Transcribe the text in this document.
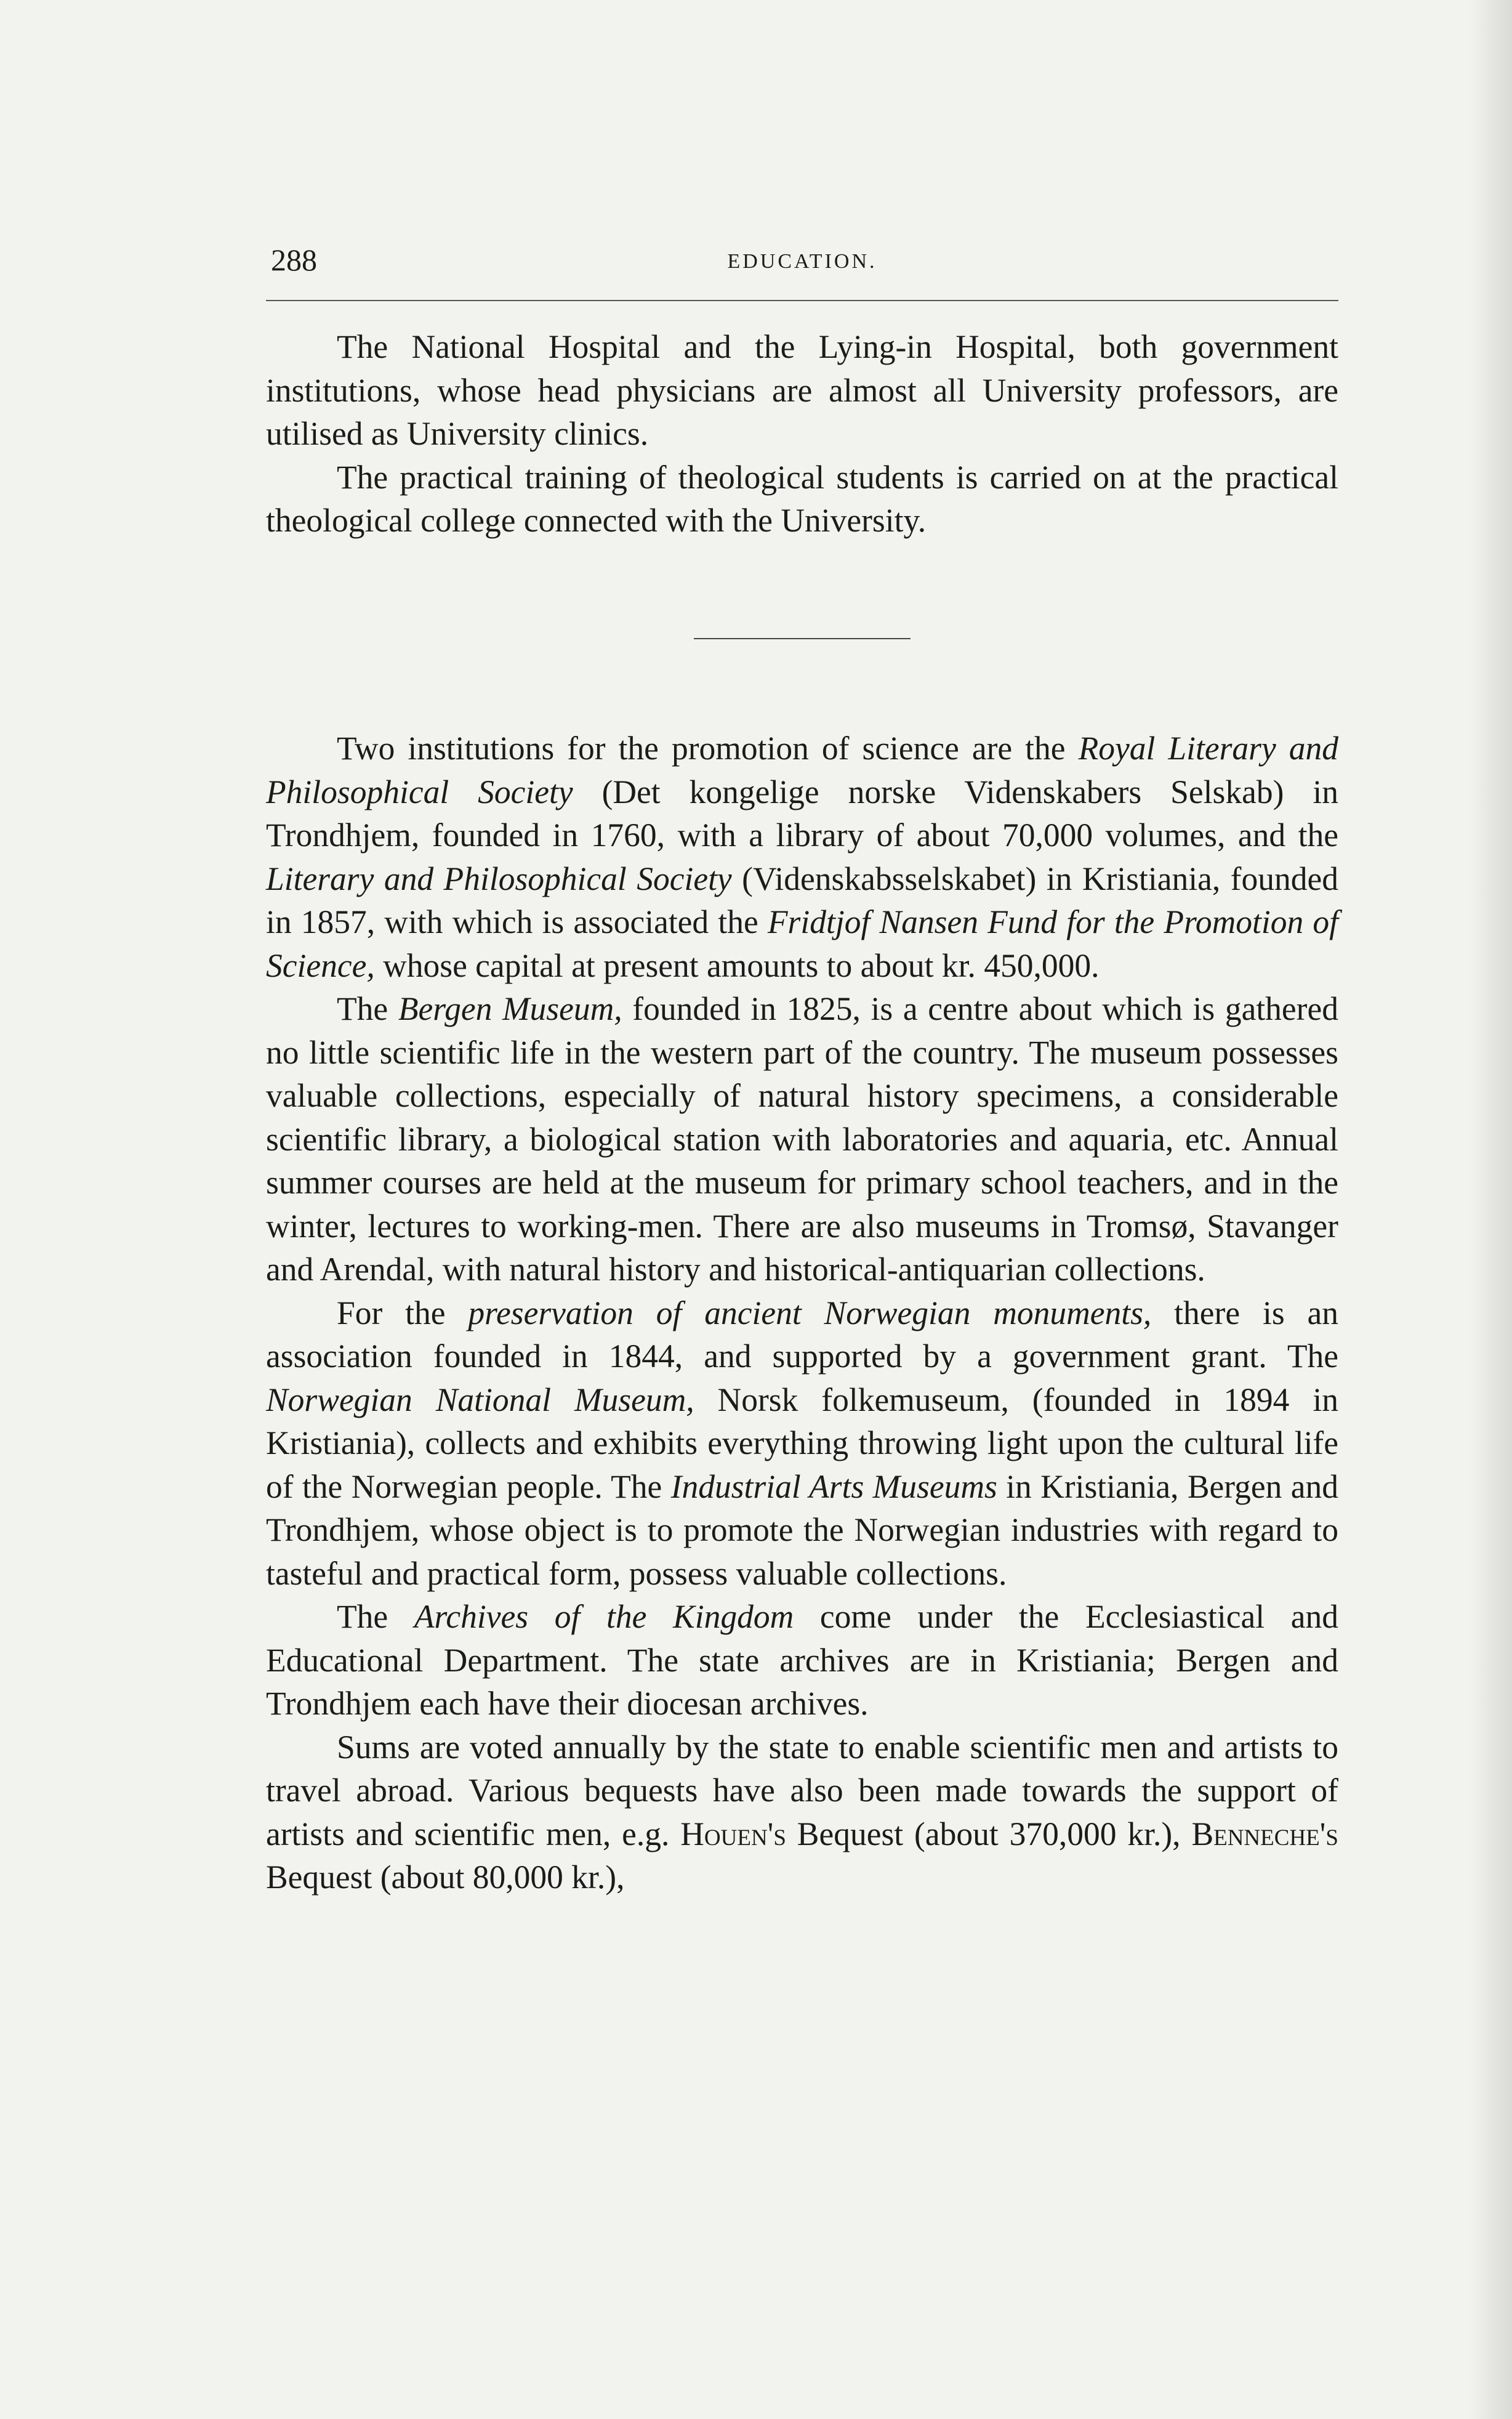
288	EDUCATION.

The National Hospital and the Lying-in Hospital, both government institutions, whose head physicians are almost all University professors, are utilised as University clinics.

The practical training of theological students is carried on at the practical theological college connected with the University.

Two institutions for the promotion of science are the Royal Literary and Philosophical Society (Det kongelige norske Videnskabers Selskab) in Trondhjem, founded in 1760, with a library of about 70,000 volumes, and the Literary and Philosophical Society (Videnskabsselskabet) in Kristiania, founded in 1857, with which is associated the Fridtjof Nansen Fund for the Promotion of Science, whose capital at present amounts to about kr. 450,000.

The Bergen Museum, founded in 1825, is a centre about which is gathered no little scientific life in the western part of the country. The museum possesses valuable collections, especially of natural history specimens, a considerable scientific library, a biological station with laboratories and aquaria, etc. Annual summer courses are held at the museum for primary school teachers, and in the winter, lectures to working-men. There are also museums in Tromsø, Stavanger and Arendal, with natural history and historical-antiquarian collections.

For the preservation of ancient Norwegian monuments, there is an association founded in 1844, and supported by a government grant. The Norwegian National Museum, Norsk folkemuseum, (founded in 1894 in Kristiania), collects and exhibits everything throwing light upon the cultural life of the Norwegian people. The Industrial Arts Museums in Kristiania, Bergen and Trondhjem, whose object is to promote the Norwegian industries with regard to tasteful and practical form, possess valuable collections.

The Archives of the Kingdom come under the Ecclesiastical and Educational Department. The state archives are in Kristiania; Bergen and Trondhjem each have their diocesan archives.

Sums are voted annually by the state to enable scientific men and artists to travel abroad. Various bequests have also been made towards the support of artists and scientific men, e.g. Houen's Bequest (about 370,000 kr.), Benneche's Bequest (about 80,000 kr.),
